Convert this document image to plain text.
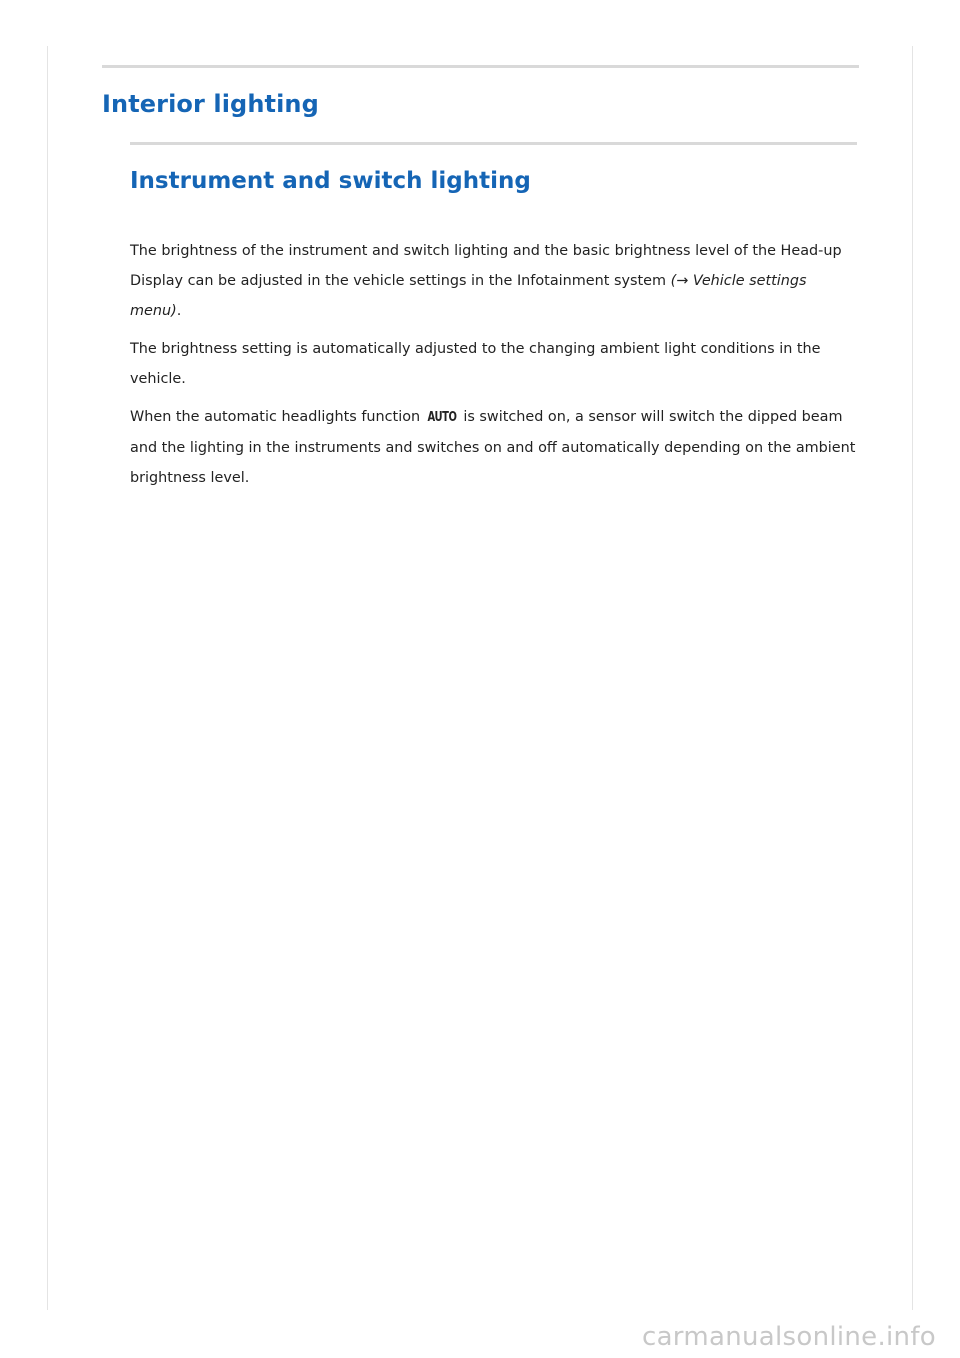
Interior lighting
Instrument and switch lighting

The brightness of the instrument and switch lighting and the basic brightness level of the Head-up Display can be adjusted in the vehicle settings in the Infotainment system (→ Vehicle settings menu).

The brightness setting is automatically adjusted to the changing ambient light conditions in the vehicle.

When the automatic headlights function AUTO is switched on, a sensor will switch the dipped beam and the lighting in the instruments and switches on and off automatically depending on the ambient brightness level.

carmanualsonline.info
